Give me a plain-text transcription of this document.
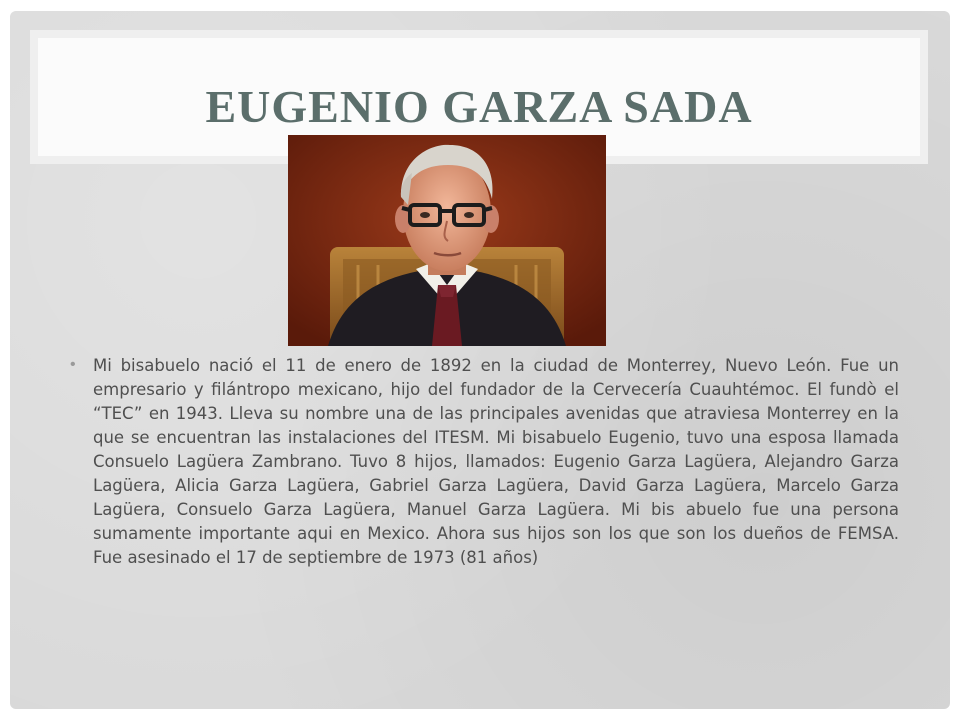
EUGENIO GARZA SADA
• Mi bisabuelo nació el 11 de enero de 1892 en la ciudad de Monterrey, Nuevo León. Fue un empresario y filántropo mexicano, hijo del fundador de la Cervecería Cuauhtémoc. El fundò el “TEC” en 1943. Lleva su nombre una de las principales avenidas que atraviesa Monterrey en la que se encuentran las instalaciones del ITESM. Mi bisabuelo Eugenio, tuvo una esposa llamada Consuelo Lagüera Zambrano. Tuvo 8 hijos, llamados: Eugenio Garza Lagüera, Alejandro Garza Lagüera, Alicia Garza Lagüera, Gabriel Garza Lagüera, David Garza Lagüera, Marcelo Garza Lagüera, Consuelo Garza Lagüera, Manuel Garza Lagüera. Mi bis abuelo fue una persona sumamente importante aqui en Mexico. Ahora sus hijos son los que son los dueños de FEMSA. Fue asesinado el 17 de septiembre de 1973 (81 años)
